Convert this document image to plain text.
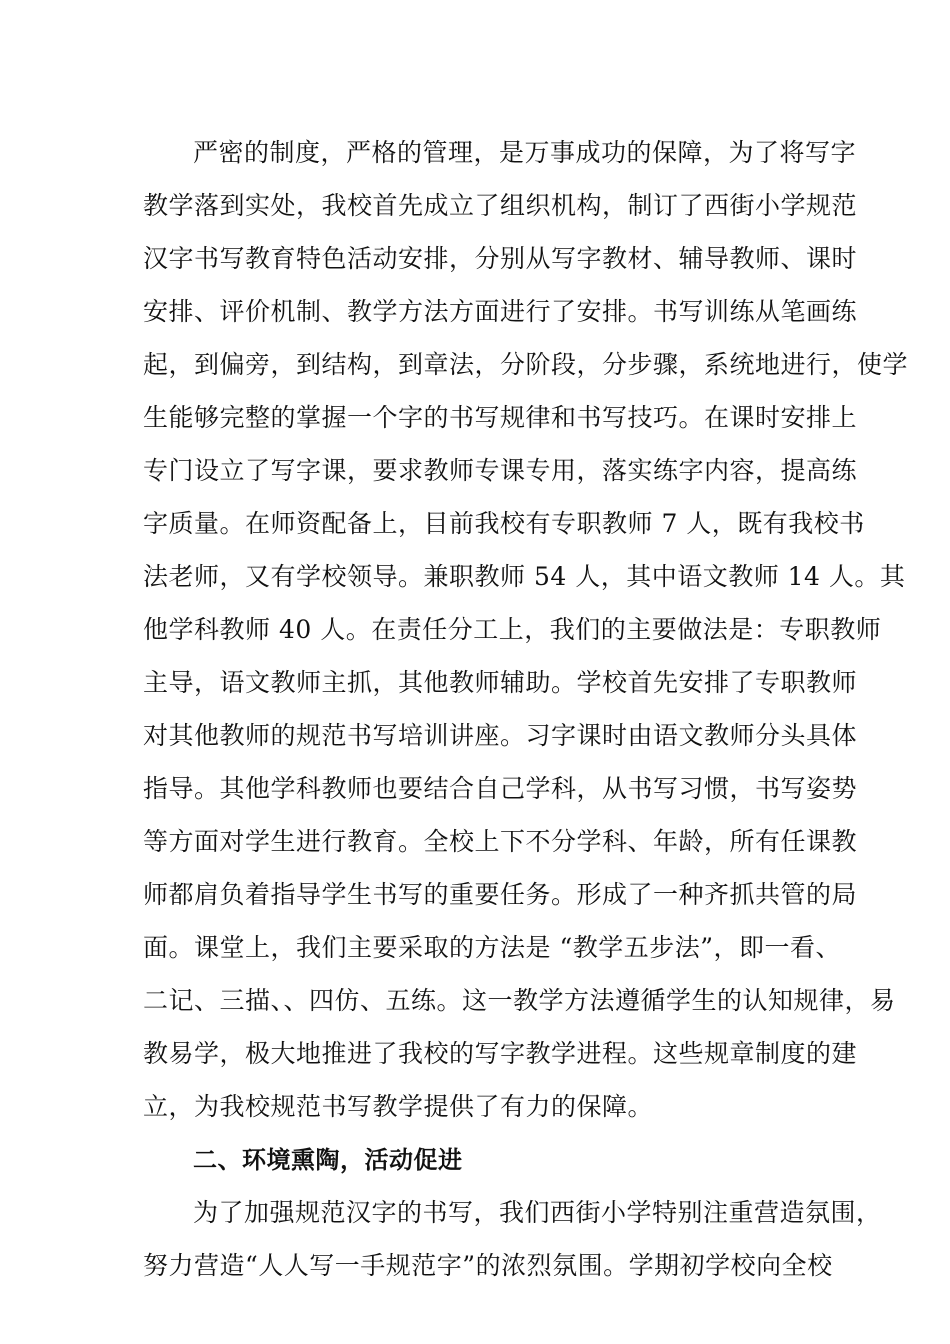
严密的制度，严格的管理，是万事成功的保障，为了将写字
教学落到实处，我校首先成立了组织机构，制订了西街小学规范
汉字书写教育特色活动安排，分别从写字教材、辅导教师、课时
安排、评价机制、教学方法方面进行了安排。书写训练从笔画练
起，到偏旁，到结构，到章法，分阶段，分步骤，系统地进行，使学
生能够完整的掌握一个字的书写规律和书写技巧。在课时安排上
专门设立了写字课，要求教师专课专用，落实练字内容，提高练
字质量。在师资配备上，目前我校有专职教师 7 人，既有我校书
法老师，又有学校领导。兼职教师 54 人，其中语文教师 14 人。其
他学科教师 40 人。在责任分工上，我们的主要做法是：专职教师
主导，语文教师主抓，其他教师辅助。学校首先安排了专职教师
对其他教师的规范书写培训讲座。习字课时由语文教师分头具体
指导。其他学科教师也要结合自己学科，从书写习惯，书写姿势
等方面对学生进行教育。全校上下不分学科、年龄，所有任课教
师都肩负着指导学生书写的重要任务。形成了一种齐抓共管的局
面。课堂上，我们主要采取的方法是 “教学五步法”，即一看、
二记、三描、、四仿、五练。这一教学方法遵循学生的认知规律，易
教易学，极大地推进了我校的写字教学进程。这些规章制度的建
立，为我校规范书写教学提供了有力的保障。
二、环境熏陶，活动促进
为了加强规范汉字的书写，我们西街小学特别注重营造氛围，
努力营造“人人写一手规范字”的浓烈氛围。学期初学校向全校
